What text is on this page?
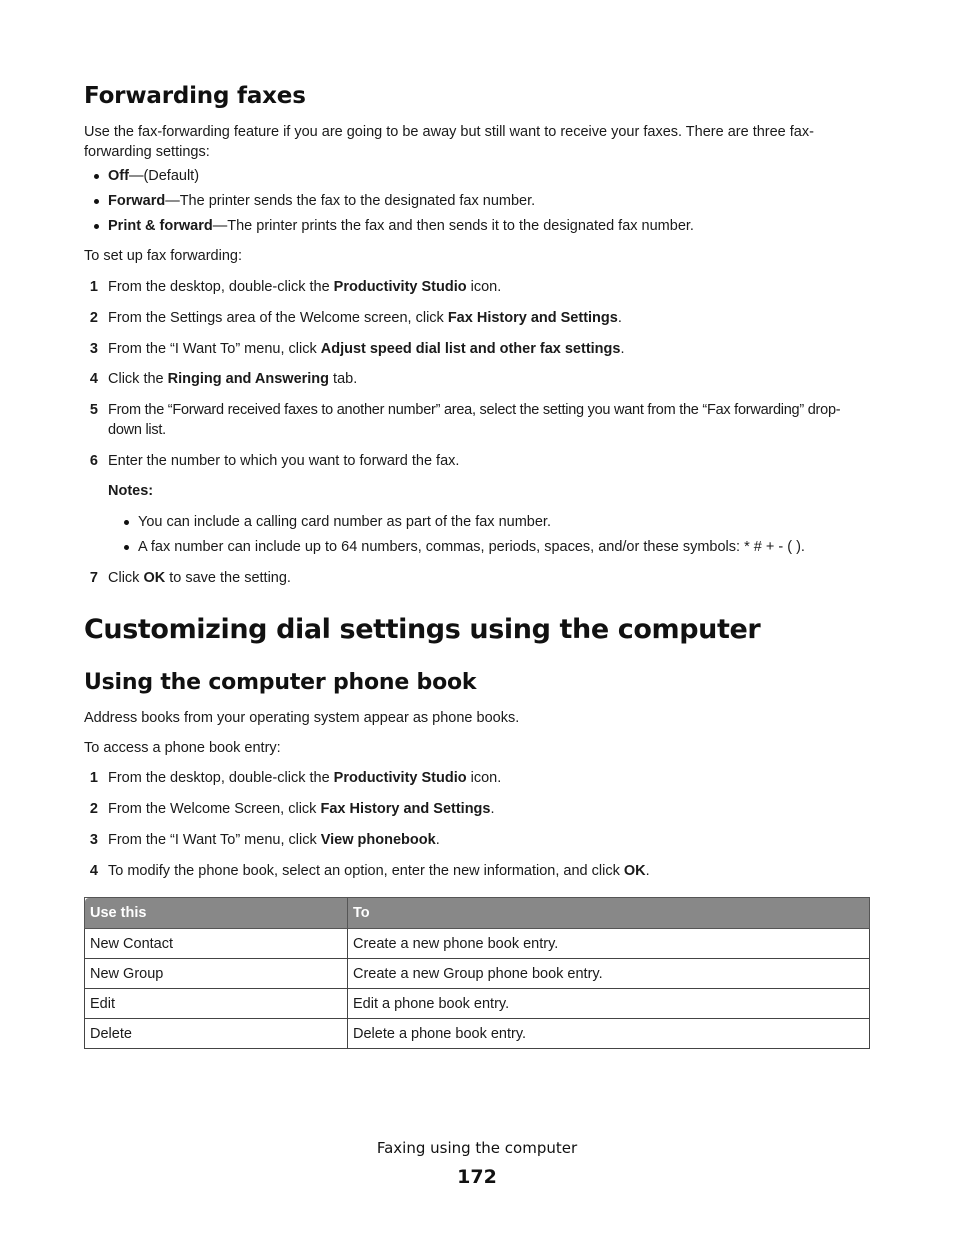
Forwarding faxes

Use the fax-forwarding feature if you are going to be away but still want to receive your faxes. There are three fax-forwarding settings:

Off—(Default)
Forward—The printer sends the fax to the designated fax number.
Print & forward—The printer prints the fax and then sends it to the designated fax number.

To set up fax forwarding:

1 From the desktop, double-click the Productivity Studio icon.
2 From the Settings area of the Welcome screen, click Fax History and Settings.
3 From the “I Want To” menu, click Adjust speed dial list and other fax settings.
4 Click the Ringing and Answering tab.
5 From the “Forward received faxes to another number” area, select the setting you want from the “Fax forwarding” drop-down list.
6 Enter the number to which you want to forward the fax.
Notes:
You can include a calling card number as part of the fax number.
A fax number can include up to 64 numbers, commas, periods, spaces, and/or these symbols: * # + - ( ).
7 Click OK to save the setting.
Customizing dial settings using the computer
Using the computer phone book

Address books from your operating system appear as phone books.

To access a phone book entry:

1 From the desktop, double-click the Productivity Studio icon.
2 From the Welcome Screen, click Fax History and Settings.
3 From the “I Want To” menu, click View phonebook.
4 To modify the phone book, select an option, enter the new information, and click OK.
Use this	To
New Contact	Create a new phone book entry.
New Group	Create a new Group phone book entry.
Edit	Edit a phone book entry.
Delete	Delete a phone book entry.
Faxing using the computer
172
